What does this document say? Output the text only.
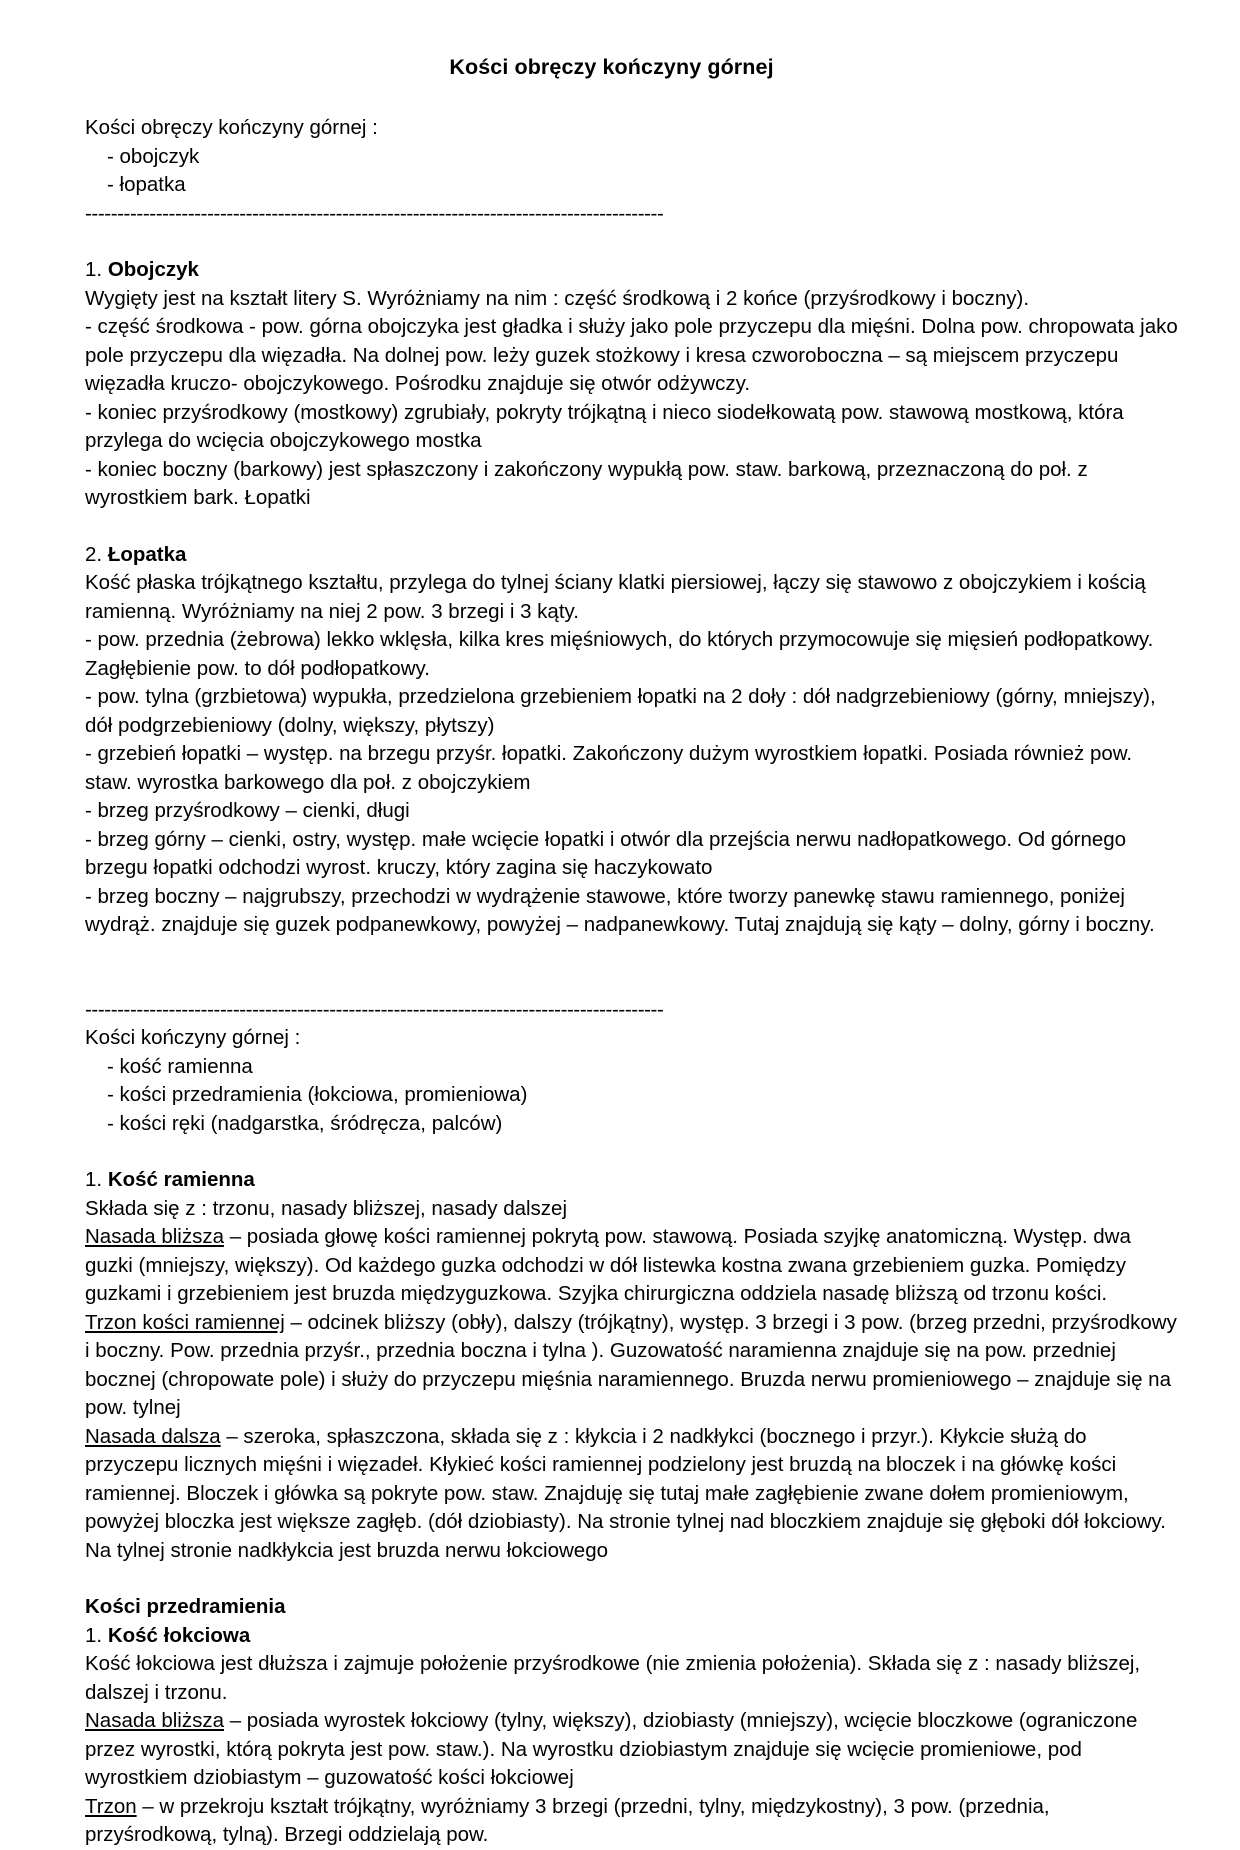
Kości obręczy kończyny górnej

Kości obręczy kończyny górnej :

- obojczyk

- łopatka

------------------------------------------------------------------------------------------

1. Obojczyk

Wygięty jest na kształt litery S. Wyróżniamy na nim : część środkową i 2 końce (przyśrodkowy i boczny).

- część środkowa - pow. górna obojczyka jest gładka i służy jako pole przyczepu dla mięśni. Dolna pow. chropowata jako pole przyczepu dla więzadła. Na dolnej pow. leży guzek stożkowy i kresa czworoboczna – są miejscem przyczepu więzadła kruczo- obojczykowego. Pośrodku znajduje się otwór odżywczy.

- koniec przyśrodkowy (mostkowy) zgrubiały, pokryty trójkątną i nieco siodełkowatą pow. stawową mostkową, która przylega do wcięcia obojczykowego mostka

- koniec boczny (barkowy) jest spłaszczony i zakończony wypukłą pow. staw. barkową, przeznaczoną do poł. z wyrostkiem bark. Łopatki

2. Łopatka

Kość płaska trójkątnego kształtu, przylega do tylnej ściany klatki piersiowej, łączy się stawowo z obojczykiem i kością ramienną. Wyróżniamy na niej 2 pow. 3 brzegi i 3 kąty.

- pow. przednia (żebrowa) lekko wklęsła, kilka kres mięśniowych, do których przymocowuje się mięsień podłopatkowy. Zagłębienie pow. to dół podłopatkowy.

- pow. tylna (grzbietowa) wypukła, przedzielona grzebieniem łopatki na 2 doły : dół nadgrzebieniowy (górny, mniejszy), dół podgrzebieniowy (dolny, większy, płytszy)

- grzebień łopatki – występ. na brzegu przyśr. łopatki. Zakończony dużym wyrostkiem łopatki. Posiada również pow. staw. wyrostka barkowego dla poł. z obojczykiem

- brzeg przyśrodkowy – cienki, długi

- brzeg górny – cienki, ostry, występ. małe wcięcie łopatki i otwór dla przejścia nerwu nadłopatkowego. Od górnego brzegu łopatki odchodzi wyrost. kruczy, który zagina się haczykowato

- brzeg boczny – najgrubszy, przechodzi w wydrążenie stawowe, które tworzy panewkę stawu ramiennego, poniżej wydrąż. znajduje się guzek podpanewkowy, powyżej – nadpanewkowy. Tutaj znajdują się kąty – dolny, górny i boczny.

------------------------------------------------------------------------------------------

Kości kończyny górnej :

- kość ramienna

- kości przedramienia (łokciowa, promieniowa)

- kości ręki (nadgarstka, śródręcza, palców)

1. Kość ramienna

Składa się z : trzonu, nasady bliższej, nasady dalszej

Nasada bliższa – posiada głowę kości ramiennej pokrytą pow. stawową. Posiada szyjkę anatomiczną. Występ. dwa guzki (mniejszy, większy). Od każdego guzka odchodzi w dół listewka kostna zwana grzebieniem guzka. Pomiędzy guzkami i grzebieniem jest bruzda międzyguzkowa. Szyjka chirurgiczna oddziela nasadę bliższą od trzonu kości.

Trzon kości ramiennej – odcinek bliższy (obły), dalszy (trójkątny), występ. 3 brzegi i 3 pow. (brzeg przedni, przyśrodkowy i boczny. Pow. przednia przyśr., przednia boczna i tylna ). Guzowatość naramienna znajduje się na pow. przedniej bocznej (chropowate pole) i służy do przyczepu mięśnia naramiennego. Bruzda nerwu promieniowego – znajduje się na pow. tylnej

Nasada dalsza – szeroka, spłaszczona, składa się z : kłykcia i 2 nadkłykci (bocznego i przyr.). Kłykcie służą do przyczepu licznych mięśni i więzadeł. Kłykieć kości ramiennej podzielony jest bruzdą na bloczek i na główkę kości ramiennej. Bloczek i główka są pokryte pow. staw. Znajduję się tutaj małe zagłębienie zwane dołem promieniowym, powyżej bloczka jest większe zagłęb. (dół dziobiasty). Na stronie tylnej nad bloczkiem znajduje się głęboki dół łokciowy. Na tylnej stronie nadkłykcia jest bruzda nerwu łokciowego

Kości przedramienia

1. Kość łokciowa

Kość łokciowa jest dłuższa i zajmuje położenie przyśrodkowe (nie zmienia położenia). Składa się z : nasady bliższej, dalszej i trzonu.

Nasada bliższa – posiada wyrostek łokciowy (tylny, większy), dziobiasty (mniejszy), wcięcie bloczkowe (ograniczone przez wyrostki, którą pokryta jest pow. staw.). Na wyrostku dziobiastym znajduje się wcięcie promieniowe, pod wyrostkiem dziobiastym – guzowatość kości łokciowej

Trzon – w przekroju kształt trójkątny, wyróżniamy 3 brzegi (przedni, tylny, międzykostny), 3 pow. (przednia, przyśrodkową, tylną). Brzegi oddzielają pow.
